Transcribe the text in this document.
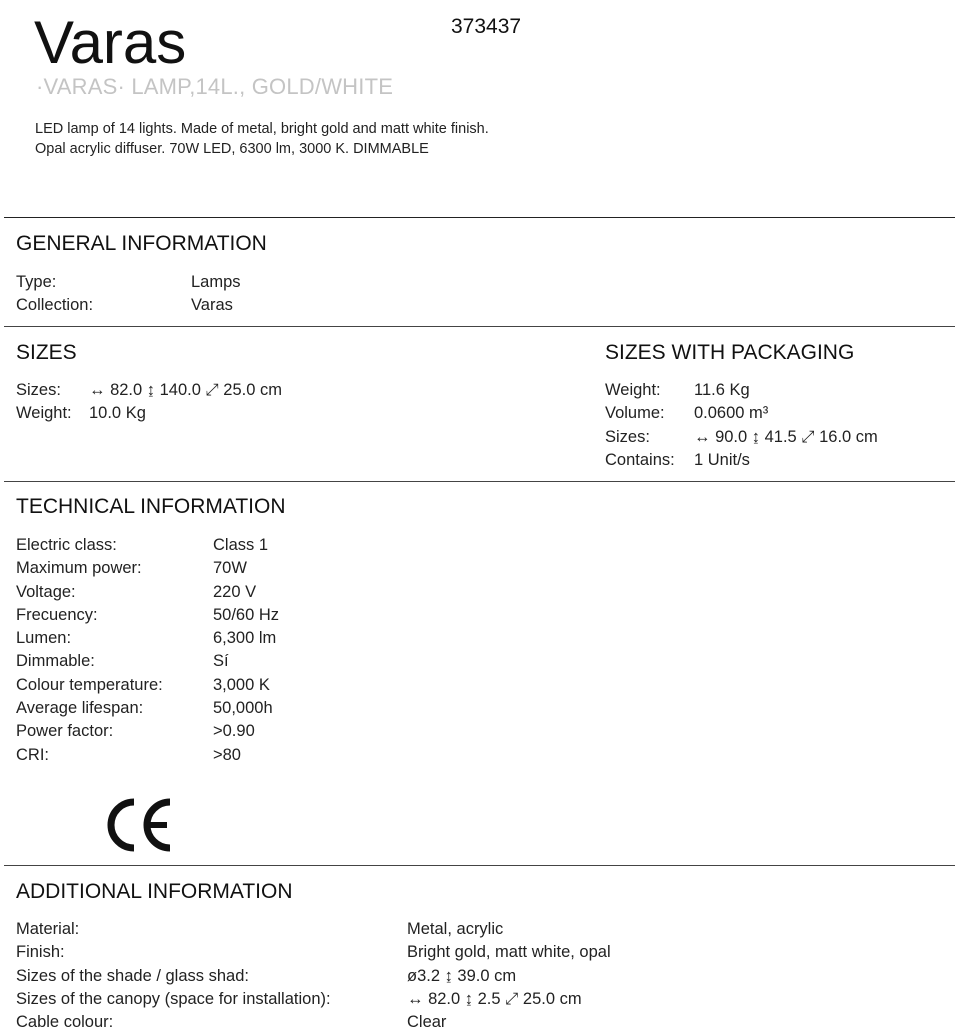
Varas	373437
·VARAS· LAMP,14L., GOLD/WHITE
LED lamp of 14 lights. Made of metal, bright gold and matt white finish.
Opal acrylic diffuser. 70W LED, 6300 lm, 3000 K. DIMMABLE
GENERAL INFORMATION
Type:	Lamps
Collection:	Varas
SIZES
Sizes:	↔ 82.0 ↨ 140.0 ⤢ 25.0 cm
Weight:	10.0 Kg
SIZES WITH PACKAGING
Weight:	11.6 Kg
Volume:	0.0600 m³
Sizes:	↔ 90.0 ↨ 41.5 ⤢ 16.0 cm
Contains:	1 Unit/s
TECHNICAL INFORMATION
Electric class:	Class 1
Maximum power:	70W
Voltage:	220 V
Frecuency:	50/60 Hz
Lumen:	6,300 lm
Dimmable:	Sí
Colour temperature:	3,000 K
Average lifespan:	50,000h
Power factor:	>0.90
CRI:	>80
ADDITIONAL INFORMATION
Material:	Metal, acrylic
Finish:	Bright gold, matt white, opal
Sizes of the shade / glass shad:	ø3.2 ↨ 39.0 cm
Sizes of the canopy (space for installation):	↔ 82.0 ↨ 2.5 ⤢ 25.0 cm
Cable colour:	Clear
